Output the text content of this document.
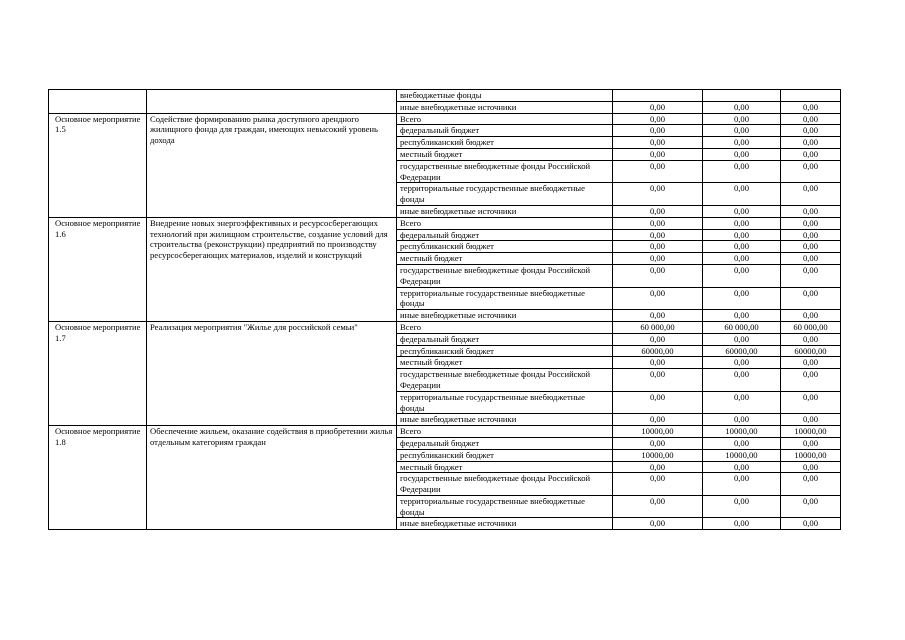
		внебюджетные фонды			
		иные внебюджетные источники	0,00	0,00	0,00
Основное мероприятие 1.5	Содействие формированию рынка доступного арендного жилищного фонда для граждан, имеющих невысокий уровень дохода	Всего	0,00	0,00	0,00
		федеральный бюджет	0,00	0,00	0,00
		республиканский бюджет	0,00	0,00	0,00
		местный бюджет	0,00	0,00	0,00
		государственные внебюджетные фонды Российской Федерации	0,00	0,00	0,00
		территориальные государственные внебюджетные фонды	0,00	0,00	0,00
		иные внебюджетные источники	0,00	0,00	0,00
Основное мероприятие 1.6	Внедрение новых энергоэффективных и ресурсосберегающих технологий при жилищном строительстве, создание условий для строительства (реконструкции) предприятий по производству ресурсосберегающих материалов, изделий и конструкций	Всего	0,00	0,00	0,00
		федеральный бюджет	0,00	0,00	0,00
		республиканский бюджет	0,00	0,00	0,00
		местный бюджет	0,00	0,00	0,00
		государственные внебюджетные фонды Российской Федерации	0,00	0,00	0,00
		территориальные государственные внебюджетные фонды	0,00	0,00	0,00
		иные внебюджетные источники	0,00	0,00	0,00
Основное мероприятие 1.7	Реализация мероприятия "Жилье для российской семьи"	Всего	60 000,00	60 000,00	60 000,00
		федеральный бюджет	0,00	0,00	0,00
		республиканский бюджет	60000,00	60000,00	60000,00
		местный бюджет	0,00	0,00	0,00
		государственные внебюджетные фонды Российской Федерации	0,00	0,00	0,00
		территориальные государственные внебюджетные фонды	0,00	0,00	0,00
		иные внебюджетные источники	0,00	0,00	0,00
Основное мероприятие 1.8	Обеспечение жильем, оказание содействия в приобретении жилья отдельным категориям граждан	Всего	10000,00	10000,00	10000,00
		федеральный бюджет	0,00	0,00	0,00
		республиканский бюджет	10000,00	10000,00	10000,00
		местный бюджет	0,00	0,00	0,00
		государственные внебюджетные фонды Российской Федерации	0,00	0,00	0,00
		территориальные государственные внебюджетные фонды	0,00	0,00	0,00
		иные внебюджетные источники	0,00	0,00	0,00
